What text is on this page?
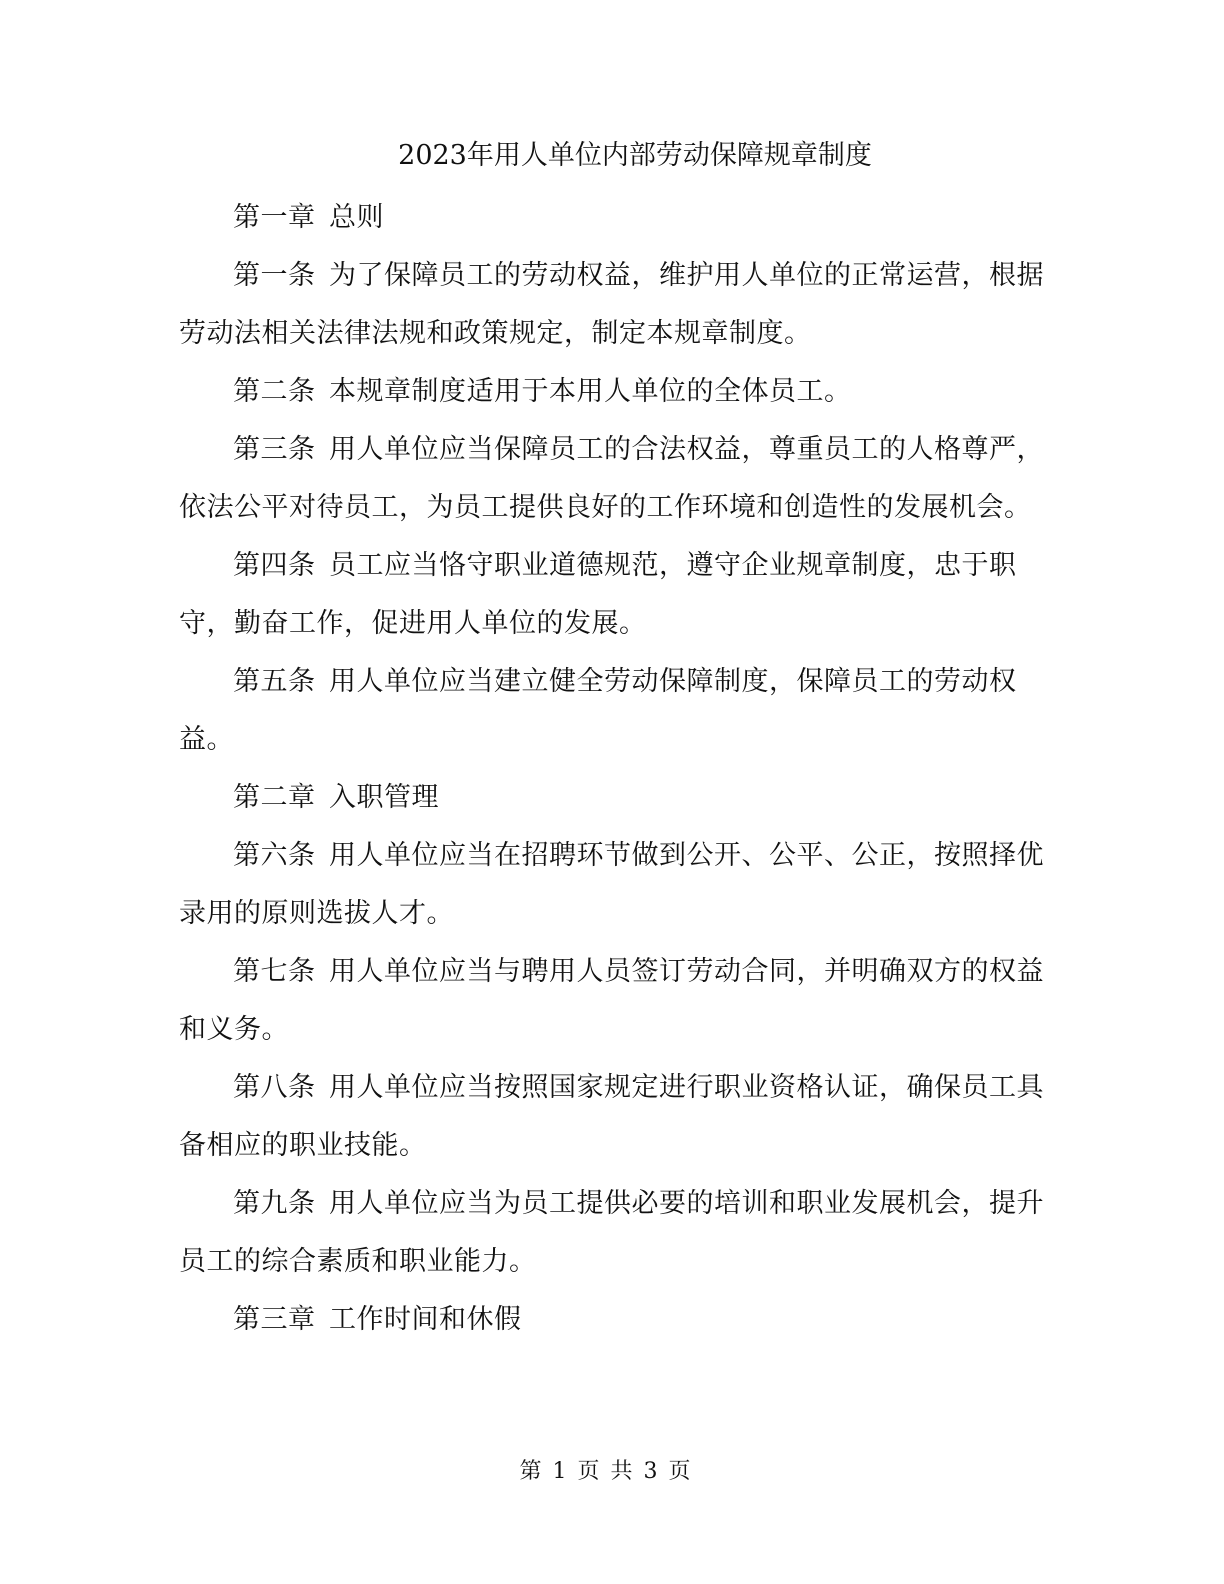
2023年用人单位内部劳动保障规章制度

第一章 总则

第一条 为了保障员工的劳动权益，维护用人单位的正常运营，根据劳动法相关法律法规和政策规定，制定本规章制度。

第二条 本规章制度适用于本用人单位的全体员工。

第三条 用人单位应当保障员工的合法权益，尊重员工的人格尊严，依法公平对待员工，为员工提供良好的工作环境和创造性的发展机会。

第四条 员工应当恪守职业道德规范，遵守企业规章制度，忠于职守，勤奋工作，促进用人单位的发展。

第五条 用人单位应当建立健全劳动保障制度，保障员工的劳动权益。

第二章 入职管理

第六条 用人单位应当在招聘环节做到公开、公平、公正，按照择优录用的原则选拔人才。

第七条 用人单位应当与聘用人员签订劳动合同，并明确双方的权益和义务。

第八条 用人单位应当按照国家规定进行职业资格认证，确保员工具备相应的职业技能。

第九条 用人单位应当为员工提供必要的培训和职业发展机会，提升员工的综合素质和职业能力。

第三章 工作时间和休假

第 1 页 共 3 页
